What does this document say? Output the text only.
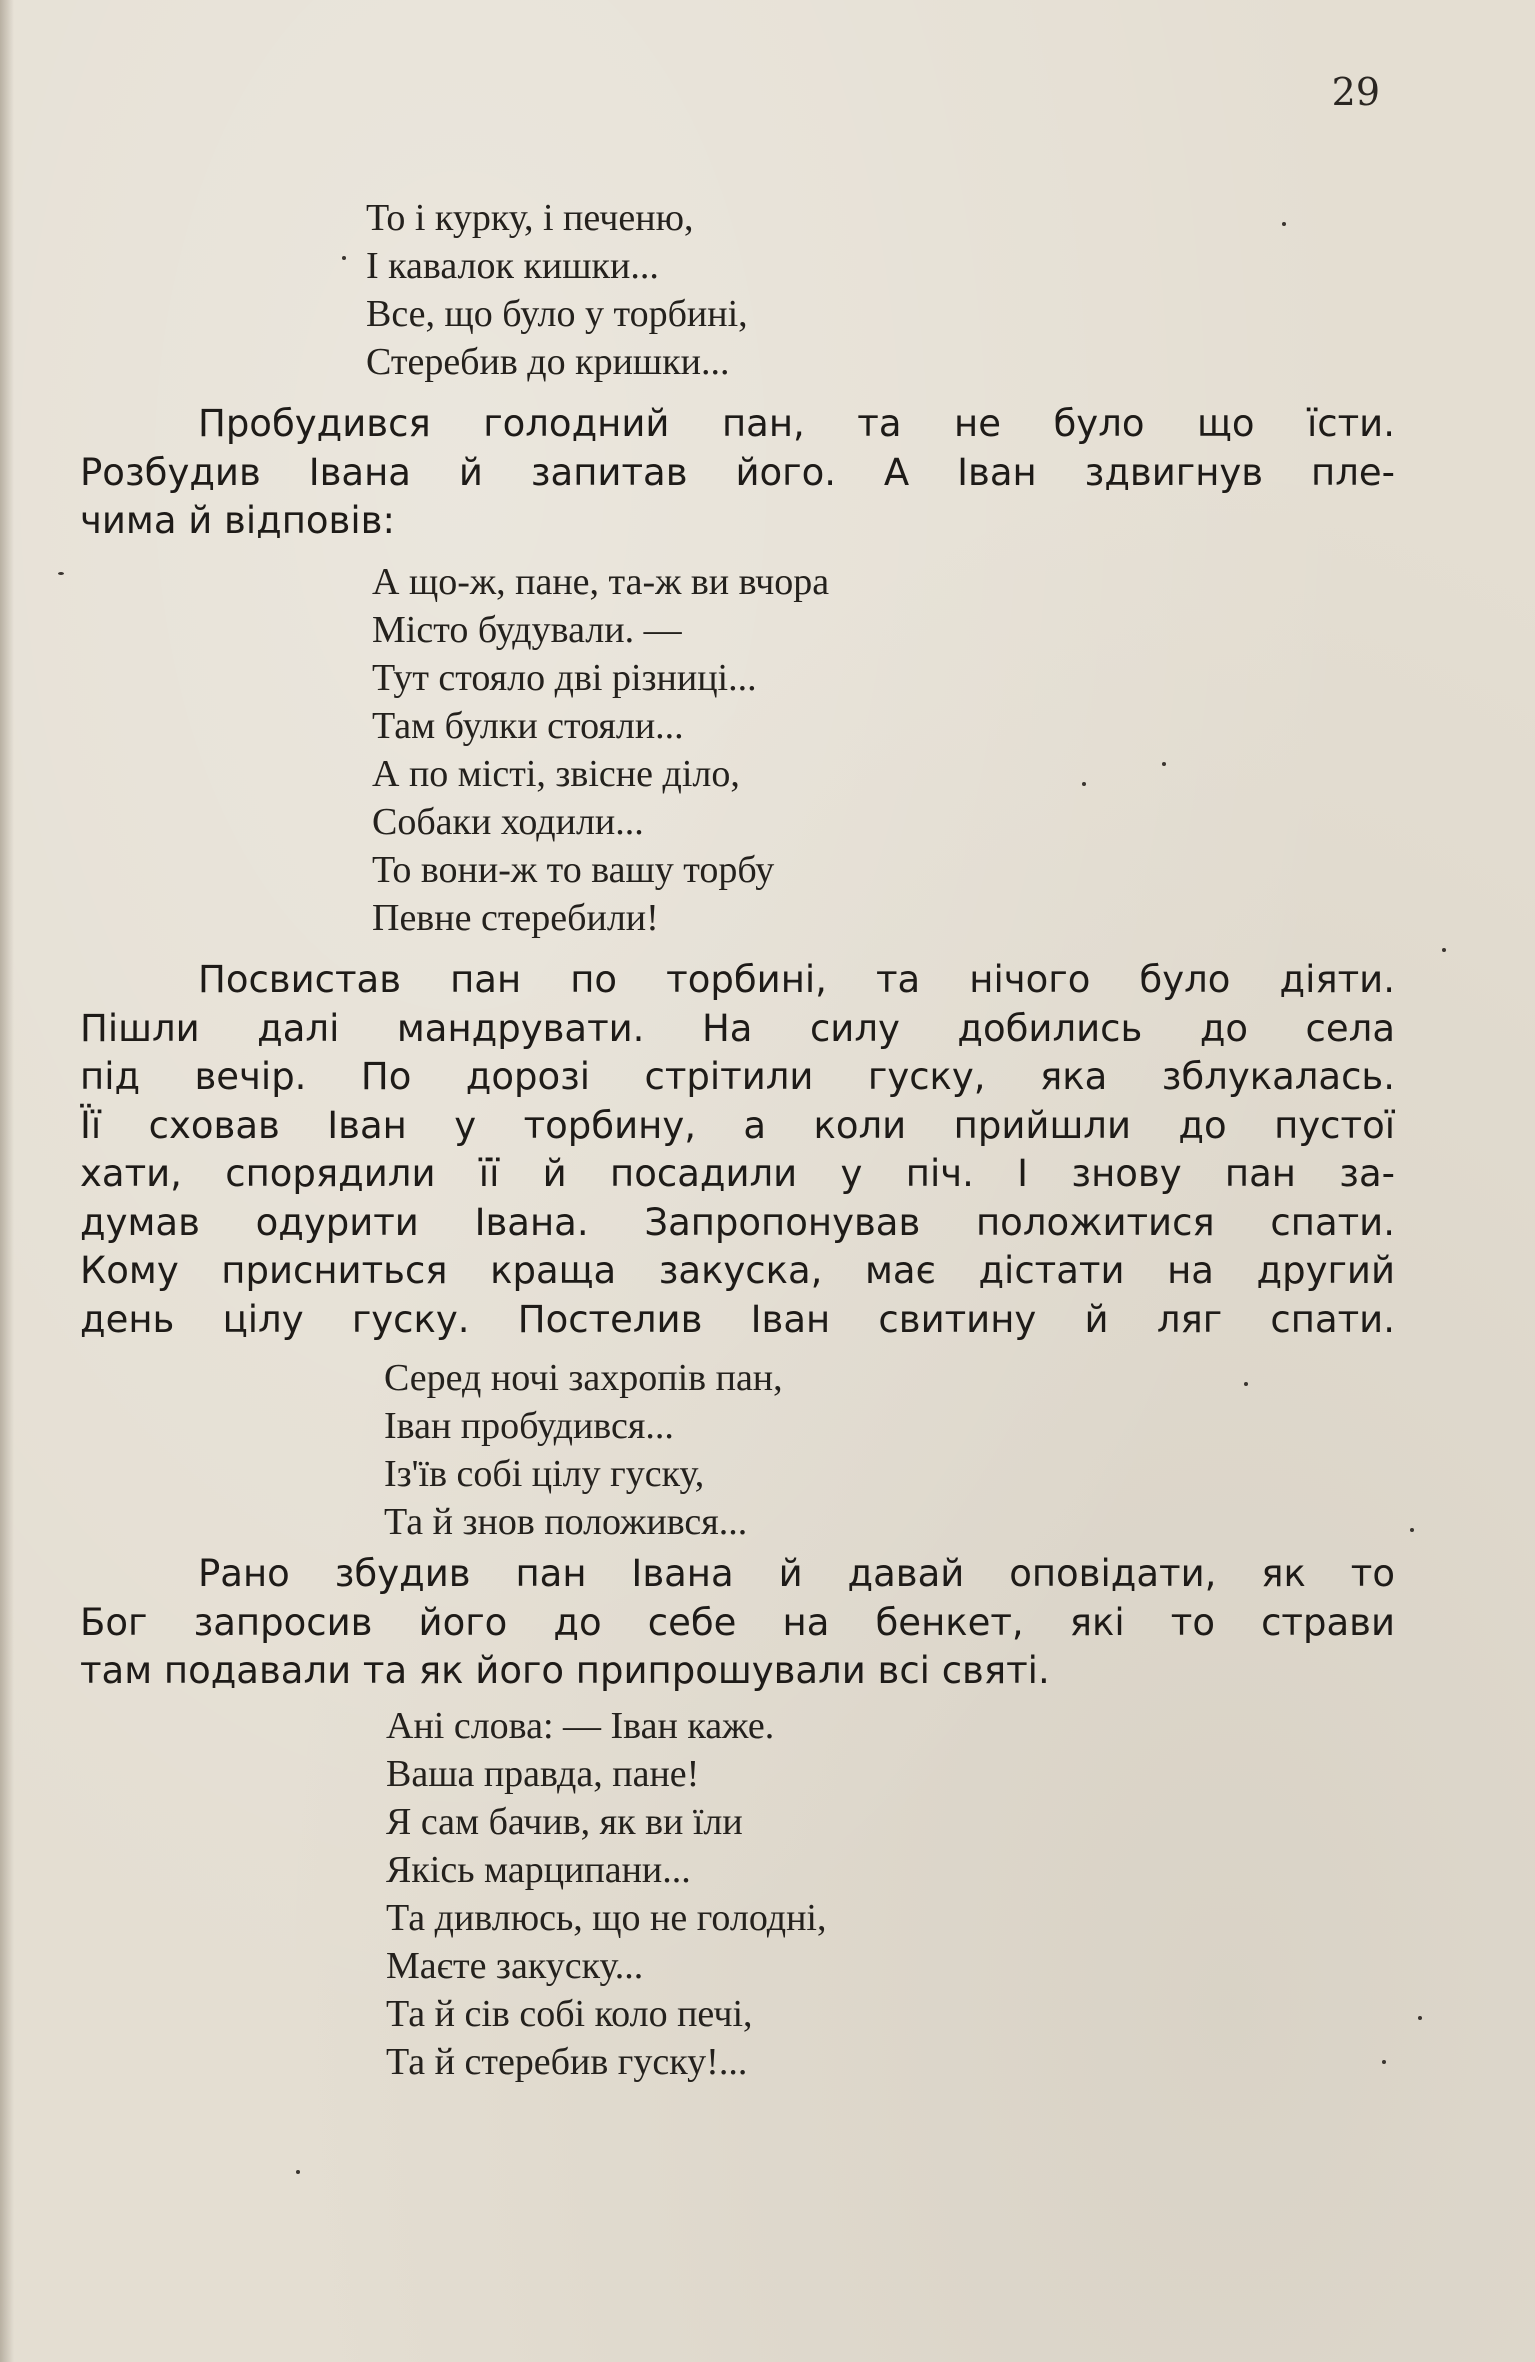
29
То і курку, і печеню,
І кавалок кишки...
Все, що було у торбині,
Стеребив до кришки...
Пробудився голодний пан, та не було що їсти.
Розбудив Івана й запитав його. А Іван здвигнув пле-
чима й відповів:
А що-ж, пане, та-ж ви вчора
Місто будували. —
Тут стояло дві різниці...
Там булки стояли...
А по місті, звісне діло,
Собаки ходили...
То вони-ж то вашу торбу
Певне стеребили!
Посвистав пан по торбині, та нічого було діяти.
Пішли далі мандрувати. На силу добились до села
під вечір. По дорозі стрітили гуску, яка зблукалась.
Її сховав Іван у торбину, а коли прийшли до пустої
хати, спорядили її й посадили у піч. І знову пан за-
думав одурити Івана. Запропонував положитися спати.
Кому присниться краща закуска, має дістати на другий
день цілу гуску. Постелив Іван свитину й ляг спати.
Серед ночі захропів пан,
Іван пробудився...
Із'їв собі цілу гуску,
Та й знов положився...
Рано збудив пан Івана й давай оповідати, як то
Бог запросив його до себе на бенкет, які то страви
там подавали та як його припрошували всі святі.
Ані слова: — Іван каже.
Ваша правда, пане!
Я сам бачив, як ви їли
Якісь марципани...
Та дивлюсь, що не голодні,
Маєте закуску...
Та й сів собі коло печі,
Та й стеребив гуску!...
